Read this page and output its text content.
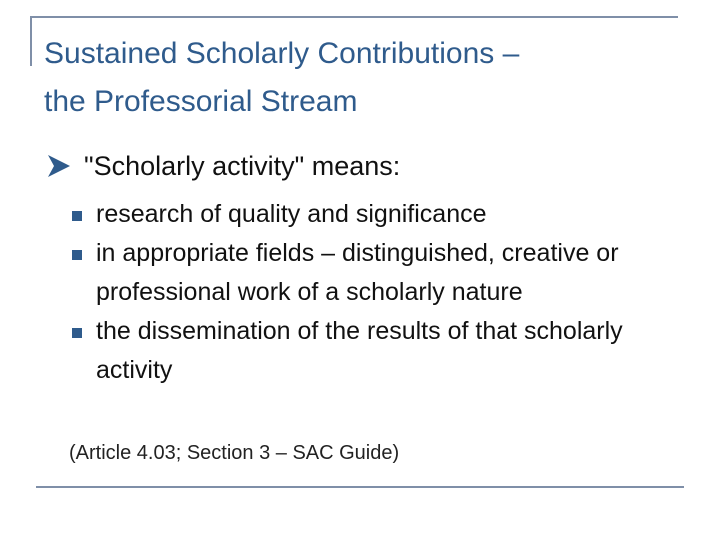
Sustained Scholarly Contributions –
the Professorial Stream
"Scholarly activity" means:
research of quality and significance
in appropriate fields – distinguished, creative or professional work of a scholarly nature
the dissemination of the results of that scholarly activity
(Article 4.03; Section 3 – SAC Guide)
